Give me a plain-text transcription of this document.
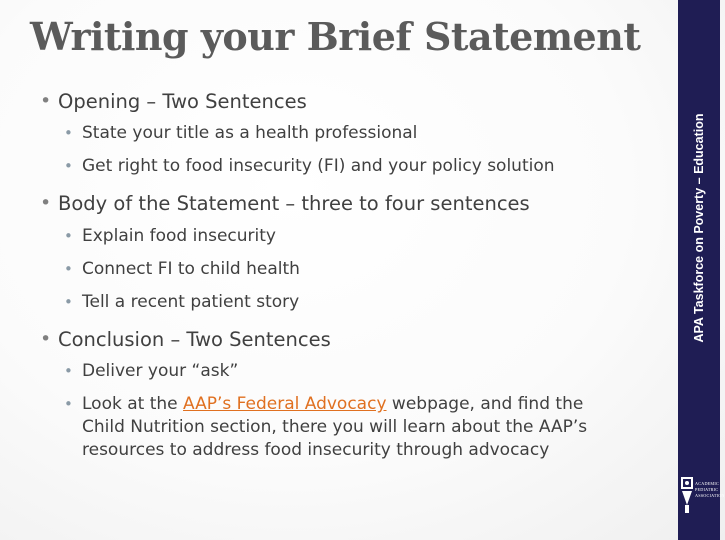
Writing your Brief Statement
• Opening – Two Sentences
• State your title as a health professional
• Get right to food insecurity (FI) and your policy solution
• Body of the Statement – three to four sentences
• Explain food insecurity
• Connect FI to child health
• Tell a recent patient story
• Conclusion – Two Sentences
• Deliver your “ask”
• Look at the AAP’s Federal Advocacy webpage, and find the Child Nutrition section, there you will learn about the AAP’s resources to address food insecurity through advocacy
APA Taskforce on Poverty – Education
ACADEMIC
PEDIATRIC
ASSOCIATION
